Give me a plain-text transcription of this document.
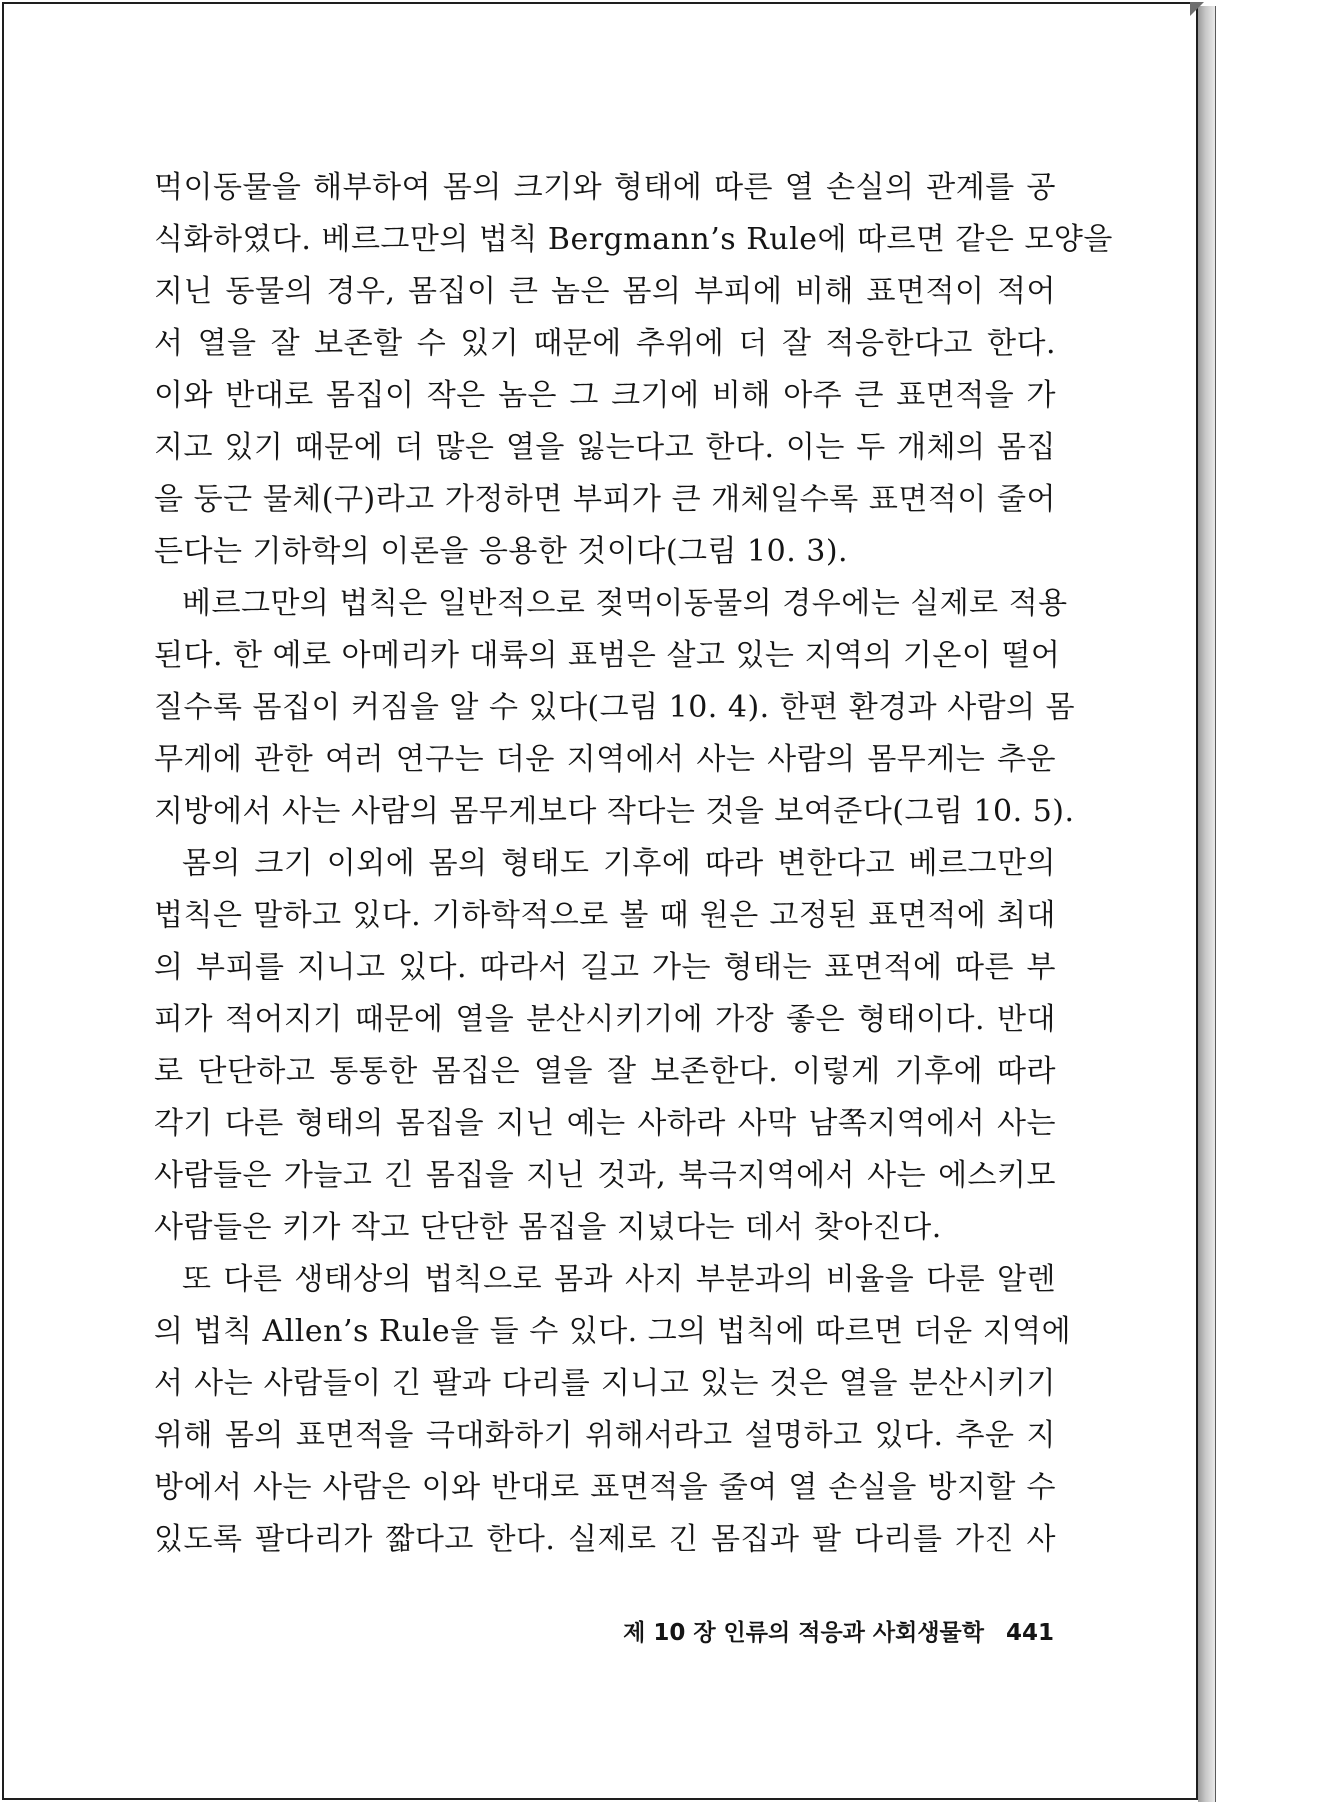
먹이동물을 해부하여 몸의 크기와 형태에 따른 열 손실의 관계를 공
식화하였다. 베르그만의 법칙 Bergmann’s Rule에 따르면 같은 모양을
지닌 동물의 경우, 몸집이 큰 놈은 몸의 부피에 비해 표면적이 적어
서 열을 잘 보존할 수 있기 때문에 추위에 더 잘 적응한다고 한다.
이와 반대로 몸집이 작은 놈은 그 크기에 비해 아주 큰 표면적을 가
지고 있기 때문에 더 많은 열을 잃는다고 한다. 이는 두 개체의 몸집
을 둥근 물체(구)라고 가정하면 부피가 큰 개체일수록 표면적이 줄어
든다는 기하학의 이론을 응용한 것이다(그림 10. 3).
베르그만의 법칙은 일반적으로 젖먹이동물의 경우에는 실제로 적용
된다. 한 예로 아메리카 대륙의 표범은 살고 있는 지역의 기온이 떨어
질수록 몸집이 커짐을 알 수 있다(그림 10. 4). 한편 환경과 사람의 몸
무게에 관한 여러 연구는 더운 지역에서 사는 사람의 몸무게는 추운
지방에서 사는 사람의 몸무게보다 작다는 것을 보여준다(그림 10. 5).
몸의 크기 이외에 몸의 형태도 기후에 따라 변한다고 베르그만의
법칙은 말하고 있다. 기하학적으로 볼 때 원은 고정된 표면적에 최대
의 부피를 지니고 있다. 따라서 길고 가는 형태는 표면적에 따른 부
피가 적어지기 때문에 열을 분산시키기에 가장 좋은 형태이다. 반대
로 단단하고 통통한 몸집은 열을 잘 보존한다. 이렇게 기후에 따라
각기 다른 형태의 몸집을 지닌 예는 사하라 사막 남쪽지역에서 사는
사람들은 가늘고 긴 몸집을 지닌 것과, 북극지역에서 사는 에스키모
사람들은 키가 작고 단단한 몸집을 지녔다는 데서 찾아진다.
또 다른 생태상의 법칙으로 몸과 사지 부분과의 비율을 다룬 알렌
의 법칙 Allen’s Rule을 들 수 있다. 그의 법칙에 따르면 더운 지역에
서 사는 사람들이 긴 팔과 다리를 지니고 있는 것은 열을 분산시키기
위해 몸의 표면적을 극대화하기 위해서라고 설명하고 있다. 추운 지
방에서 사는 사람은 이와 반대로 표면적을 줄여 열 손실을 방지할 수
있도록 팔다리가 짧다고 한다. 실제로 긴 몸집과 팔 다리를 가진 사
제 10 장 인류의 적응과 사회생물학 441
